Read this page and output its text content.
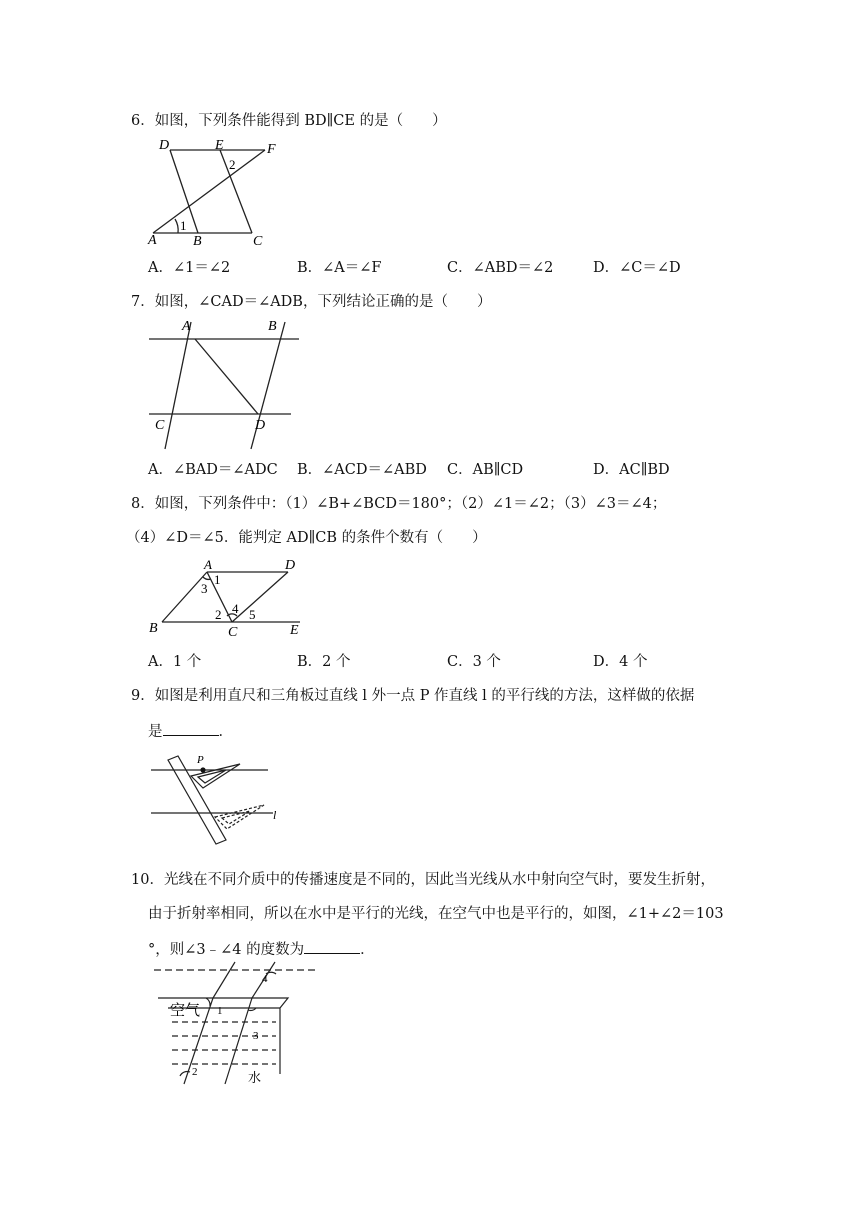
6．如图，下列条件能得到 BD∥CE 的是（　　）
D	E	F
2
1
A	B	C
A．∠1＝∠2	B．∠A＝∠F	C．∠ABD＝∠2	D．∠C＝∠D
7．如图，∠CAD＝∠ADB，下列结论正确的是（　　）
A	B
C	D
A．∠BAD＝∠ADC B．∠ACD＝∠ABD C．AB∥CD	D．AC∥BD
8．如图，下列条件中：（1）∠B+∠BCD＝180°；（2）∠1＝∠2；（3）∠3＝∠4；
（4）∠D＝∠5．能判定 AD∥CB 的条件个数有（　　）
A	D
1
3
2 4 5
B	C	E
A．1 个	B．2 个	C．3 个	D．4 个
9．如图是利用直尺和三角板过直线 l 外一点 P 作直线 l 的平行线的方法，这样做的依据
是	．
P
l
10．光线在不同介质中的传播速度是不同的，因此当光线从水中射向空气时，要发生折射，
由于折射率相同，所以在水中是平行的光线，在空气中也是平行的，如图，∠1+∠2＝103
°，则∠3﹣∠4 的度数为	．
空气 1
4
3
2	水
